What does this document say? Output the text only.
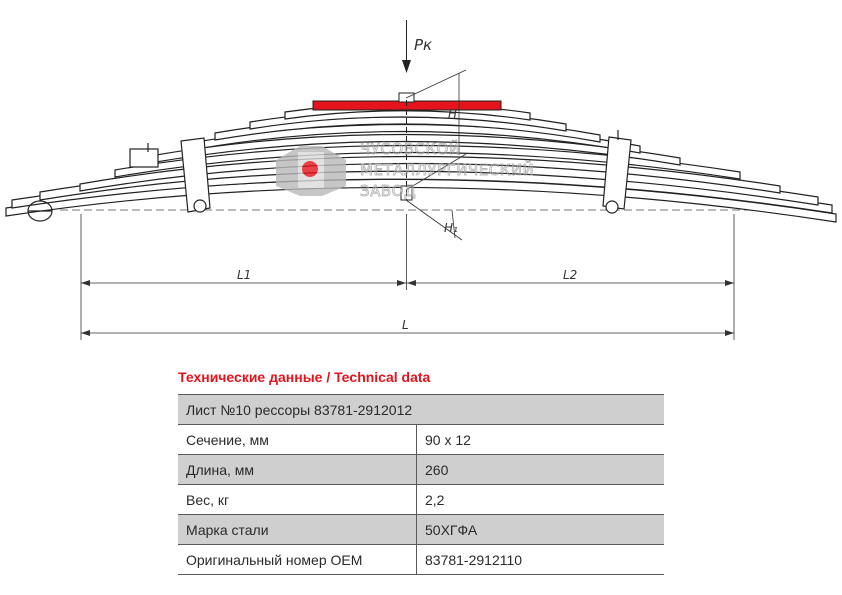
Pк
H
H₁
L1	L2
L
ЧУСОВСКОЙ
МЕТАЛЛУРГИЧЕСКИЙ
ЗАВОД
Технические данные / Technical data
Лист №10 рессоры 83781-2912012	
Сечение, мм	90 х 12
Длина, мм	260
Вес, кг	2,2
Марка стали	50ХГФА
Оригинальный номер OEM	83781-2912110
